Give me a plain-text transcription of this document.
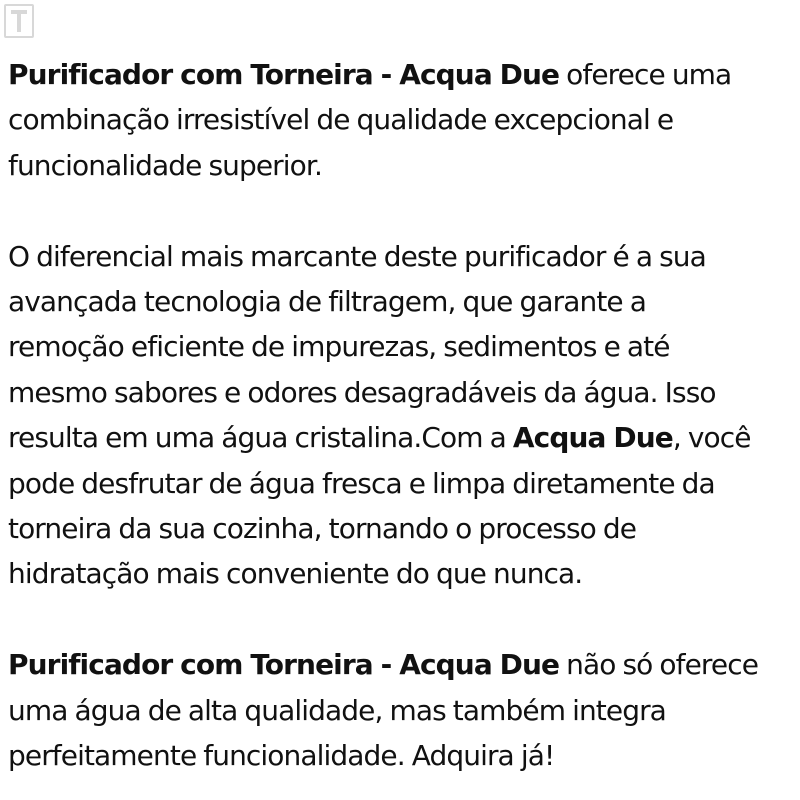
Purificador com Torneira - Acqua Due oferece uma
combinação irresistível de qualidade excepcional e
funcionalidade superior.

O diferencial mais marcante deste purificador é a sua
avançada tecnologia de filtragem, que garante a
remoção eficiente de impurezas, sedimentos e até
mesmo sabores e odores desagradáveis da água. Isso
resulta em uma água cristalina.Com a Acqua Due, você
pode desfrutar de água fresca e limpa diretamente da
torneira da sua cozinha, tornando o processo de
hidratação mais conveniente do que nunca.

Purificador com Torneira - Acqua Due não só oferece
uma água de alta qualidade, mas também integra
perfeitamente funcionalidade. Adquira já!
